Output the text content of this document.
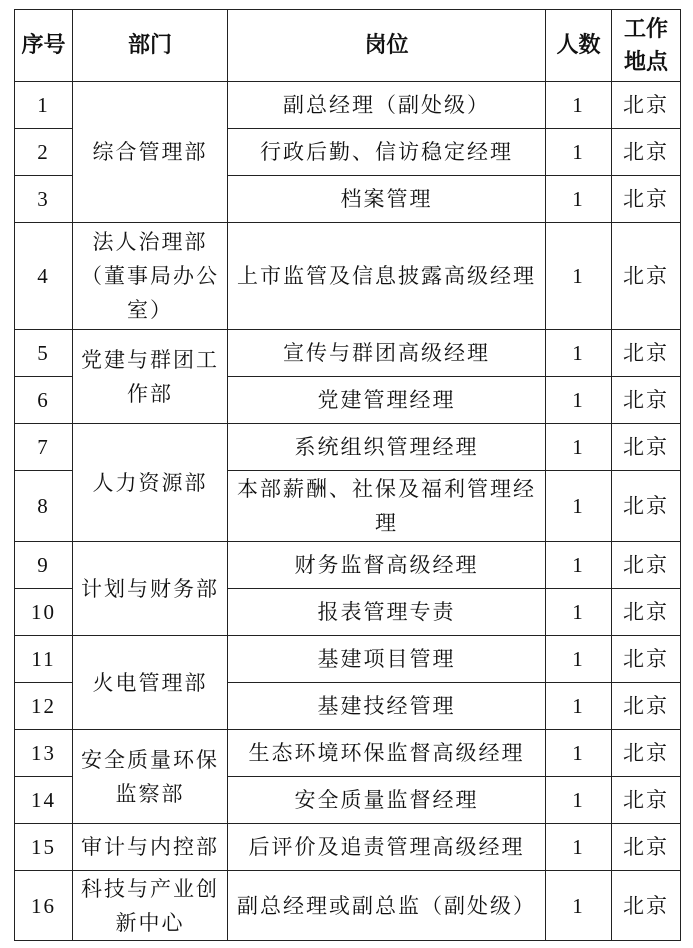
序号	部门	岗位	人数	工作地点
1	综合管理部	副总经理（副处级）	1	北京
2		行政后勤、信访稳定经理	1	北京
3		档案管理	1	北京
4	法人治理部（董事局办公室）	上市监管及信息披露高级经理	1	北京
5	党建与群团工作部	宣传与群团高级经理	1	北京
6		党建管理经理	1	北京
7	人力资源部	系统组织管理经理	1	北京
8		本部薪酬、社保及福利管理经理	1	北京
9	计划与财务部	财务监督高级经理	1	北京
10		报表管理专责	1	北京
11	火电管理部	基建项目管理	1	北京
12		基建技经管理	1	北京
13	安全质量环保监察部	生态环境环保监督高级经理	1	北京
14		安全质量监督经理	1	北京
15	审计与内控部	后评价及追责管理高级经理	1	北京
16	科技与产业创新中心	副总经理或副总监（副处级）	1	北京
